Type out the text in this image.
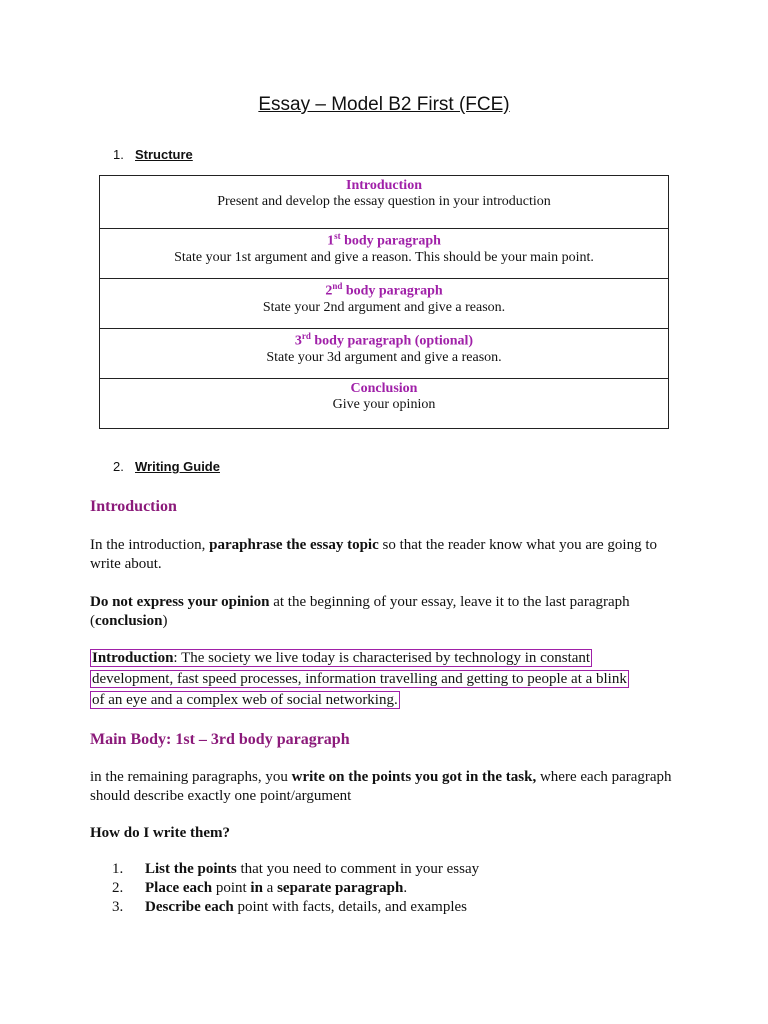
Essay – Model B2 First (FCE)
1. Structure
Introduction
Present and develop the essay question in your introduction

1st body paragraph
State your 1st argument and give a reason. This should be your main point.

2nd body paragraph
State your 2nd argument and give a reason.

3rd body paragraph (optional)
State your 3d argument and give a reason.

Conclusion
Give your opinion
2. Writing Guide
Introduction
In the introduction, paraphrase the essay topic so that the reader know what you are going to write about.
Do not express your opinion at the beginning of your essay, leave it to the last paragraph (conclusion)
Introduction: The society we live today is characterised by technology in constant
development, fast speed processes, information travelling and getting to people at a blink
of an eye and a complex web of social networking.
Main Body: 1st – 3rd body paragraph
in the remaining paragraphs, you write on the points you got in the task, where each paragraph should describe exactly one point/argument
How do I write them?
1.	List the points that you need to comment in your essay
2.	Place each point in a separate paragraph.
3.	Describe each point with facts, details, and examples
